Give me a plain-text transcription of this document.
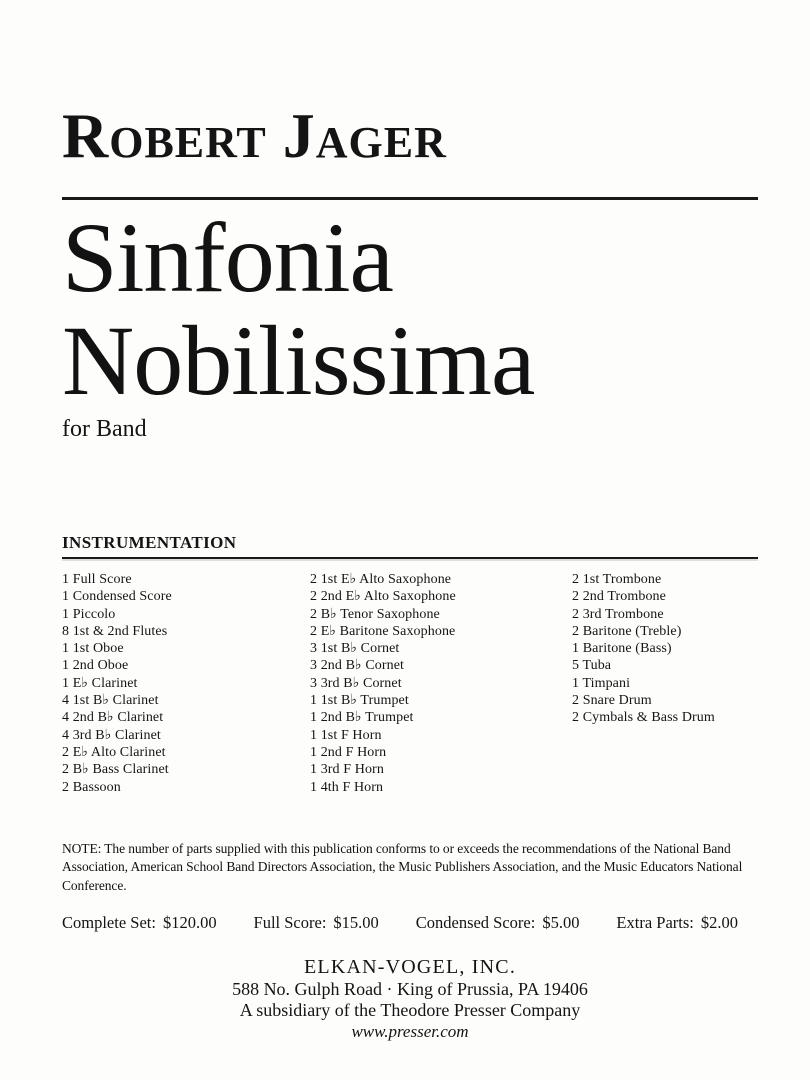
ROBERT JAGER
Sinfonia
Nobilissima
for Band
INSTRUMENTATION
1 Full Score
1 Condensed Score
1 Piccolo
8 1st & 2nd Flutes
1 1st Oboe
1 2nd Oboe
1 E♭ Clarinet
4 1st B♭ Clarinet
4 2nd B♭ Clarinet
4 3rd B♭ Clarinet
2 E♭ Alto Clarinet
2 B♭ Bass Clarinet
2 Bassoon
2 1st E♭ Alto Saxophone
2 2nd E♭ Alto Saxophone
2 B♭ Tenor Saxophone
2 E♭ Baritone Saxophone
3 1st B♭ Cornet
3 2nd B♭ Cornet
3 3rd B♭ Cornet
1 1st B♭ Trumpet
1 2nd B♭ Trumpet
1 1st F Horn
1 2nd F Horn
1 3rd F Horn
1 4th F Horn
2 1st Trombone
2 2nd Trombone
2 3rd Trombone
2 Baritone (Treble)
1 Baritone (Bass)
5 Tuba
1 Timpani
2 Snare Drum
2 Cymbals & Bass Drum

NOTE: The number of parts supplied with this publication conforms to or exceeds the recommendations of the National Band Association, American School Band Directors Association, the Music Publishers Association, and the Music Educators National Conference.

Complete Set: $120.00 Full Score: $15.00 Condensed Score: $5.00 Extra Parts: $2.00
ELKAN-VOGEL, INC.
588 No. Gulph Road · King of Prussia, PA 19406
A subsidiary of the Theodore Presser Company
www.presser.com
